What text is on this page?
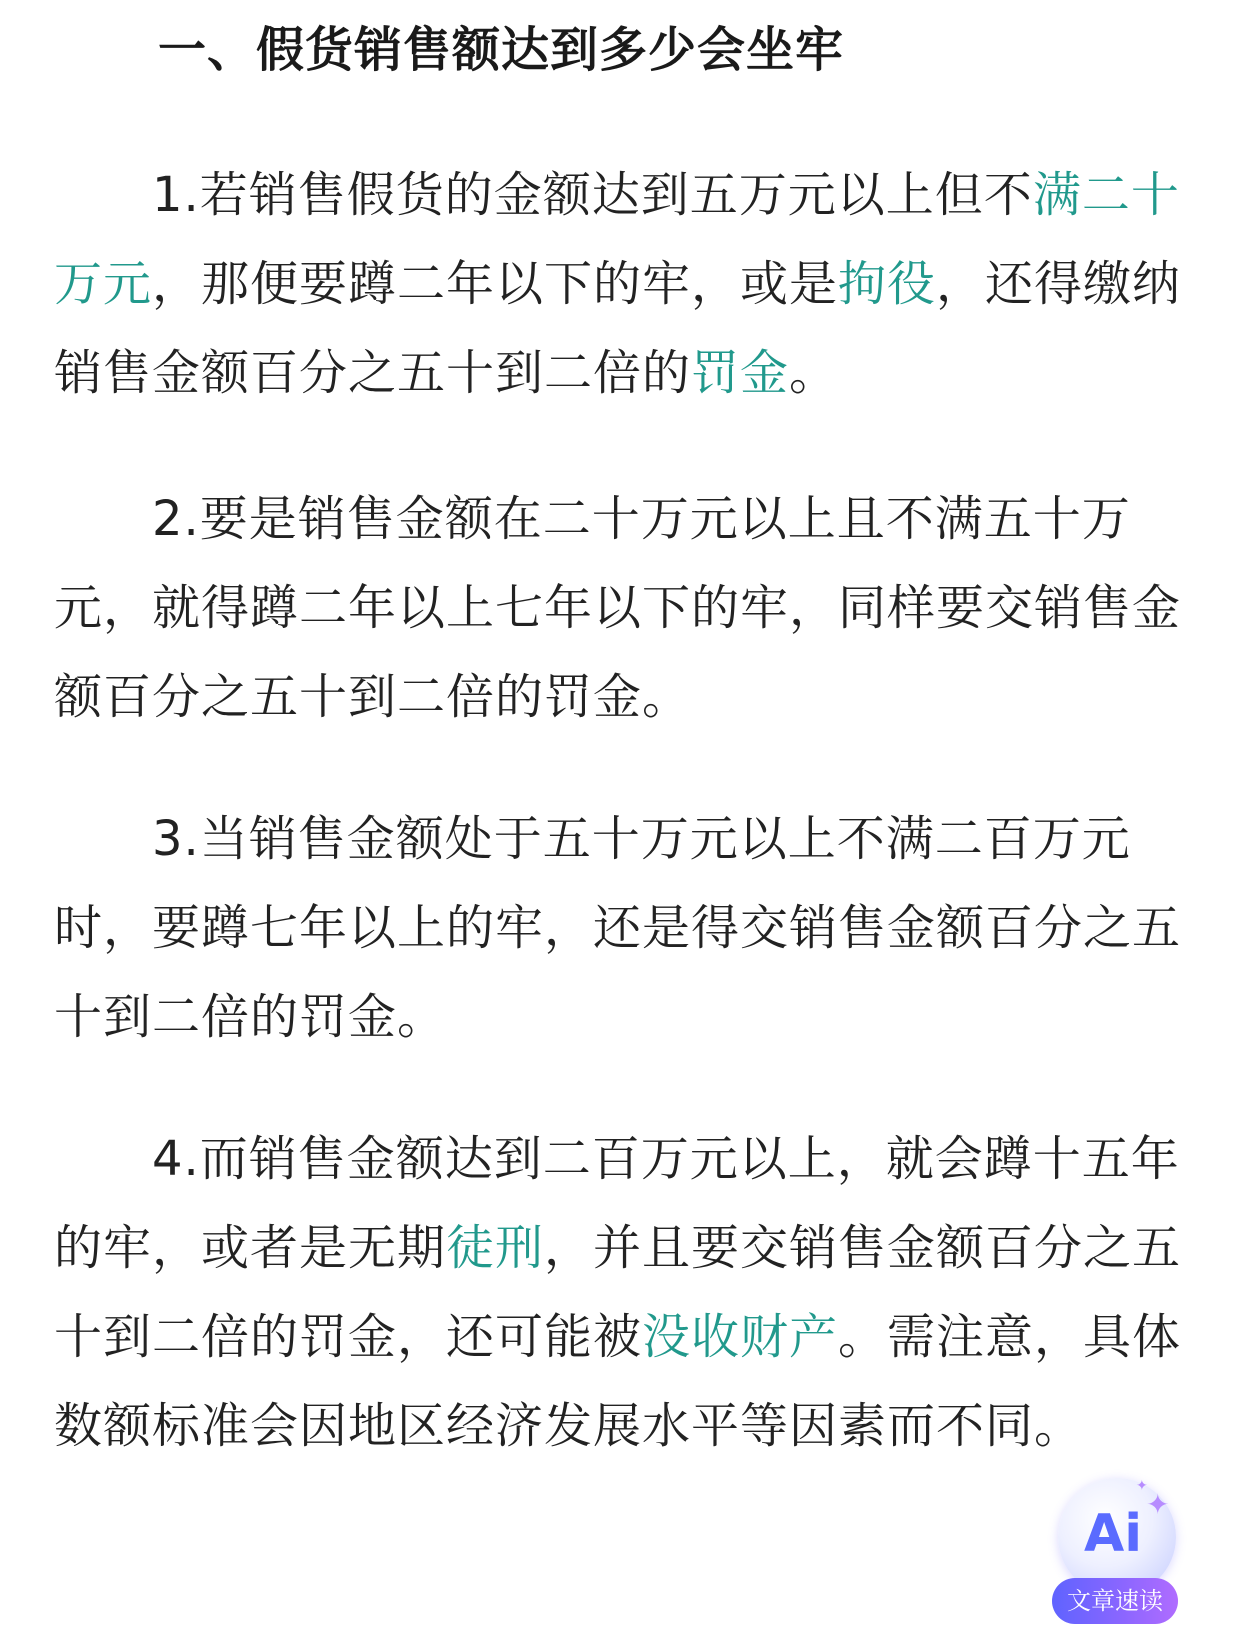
一、假货销售额达到多少会坐牢

1.若销售假货的金额达到五万元以上但不满二十万元，那便要蹲二年以下的牢，或是拘役，还得缴纳销售金额百分之五十到二倍的罚金。

2.要是销售金额在二十万元以上且不满五十万元，就得蹲二年以上七年以下的牢，同样要交销售金额百分之五十到二倍的罚金。

3.当销售金额处于五十万元以上不满二百万元时，要蹲七年以上的牢，还是得交销售金额百分之五十到二倍的罚金。

4.而销售金额达到二百万元以上，就会蹲十五年的牢，或者是无期徒刑，并且要交销售金额百分之五十到二倍的罚金，还可能被没收财产。需注意，具体数额标准会因地区经济发展水平等因素而不同。

Ai ✦
✦
文章速读
